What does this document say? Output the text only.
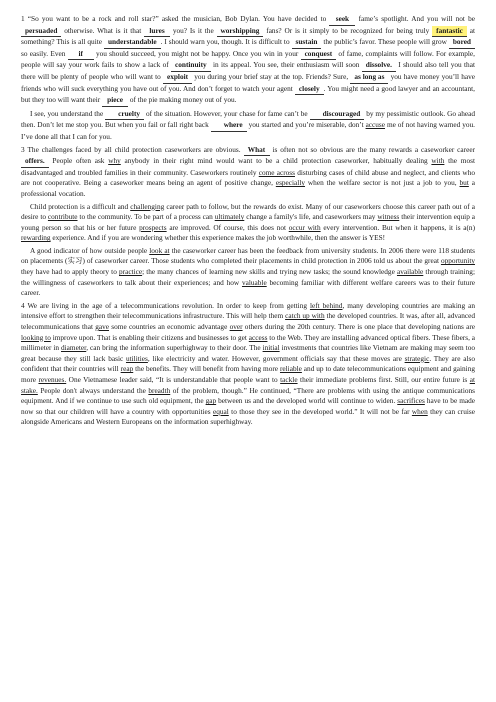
1 “So you want to be a rock and roll star?” asked the musician, Bob Dylan. You have decided to seek fame’s spotlight. And you will not be persuaded otherwise. What is it that lures you? Is it the worshipping fans? Or is it simply to be recognized for being truly fantastic at something? This is all quite understandable . I should warn you, though. It is difficult to sustain the public’s favor. These people will grow bored so easily. Even if you should succeed, you might not be happy. Once you win in your conquest of fame, complaints will follow. For example, people will say your work fails to show a lack of continuity in its appeal. You see, their enthusiasm will soon dissolve. I should also tell you that there will be plenty of people who will want to exploit you during your brief stay at the top. Friends? Sure, as long as you have money you’ll have friends who will suck everything you have out of you. And don’t forget to watch your agent closely . You might need a good lawyer and an accountant, but they too will want their piece of the pie making money out of you.

I see, you understand the cruelty of the situation. However, your chase for fame can’t be discouraged by my pessimistic outlook. Go ahead then. Don’t let me stop you. But when you fail or fall right back where you started and you’re miserable, don’t accuse me of not having warned you. I’ve done all that I can for you.

3 The challenges faced by all child protection caseworkers are obvious. What is often not so obvious are the many rewards a caseworker career offers. People often ask why anybody in their right mind would want to be a child protection caseworker, habitually dealing with the most disadvantaged and troubled families in their community. Caseworkers routinely come across disturbing cases of child abuse and neglect, and clients who are not cooperative. Being a caseworker means being an agent of positive change, especially when the welfare sector is not just a job to you, but a professional vocation.

Child protection is a difficult and challenging career path to follow, but the rewards do exist. Many of our caseworkers choose this career path out of a desire to contribute to the community. To be part of a process can ultimately change a family's life, and caseworkers may witness their intervention equip a young person so that his or her future prospects are improved. Of course, this does not occur with every intervention. But when it happens, it is a(n) rewarding experience. And if you are wondering whether this experience makes the job worthwhile, then the answer is YES!

A good indicator of how outside people look at the caseworker career has been the feedback from university students. In 2006 there were 118 students on placements (实习) of caseworker career. Those students who completed their placements in child protection in 2006 told us about the great opportunity they have had to apply theory to practice; the many chances of learning new skills and trying new tasks; the sound knowledge available through training; the willingness of caseworkers to talk about their experiences; and how valuable becoming familiar with different welfare careers was to their future career.

4 We are living in the age of a telecommunications revolution. In order to keep from getting left behind, many developing countries are making an intensive effort to strengthen their telecommunications infrastructure. This will help them catch up with the developed countries. It was, after all, advanced telecommunications that gave some countries an economic advantage over others during the 20th century. There is one place that developing nations are looking to improve upon. That is enabling their citizens and businesses to get access to the Web. They are installing advanced optical fibers. These fibers, a millimeter in diameter, can bring the information superhighway to their door. The initial investments that countries like Vietnam are making may seem too great because they still lack basic utilities, like electricity and water. However, government officials say that these moves are strategic. They are also confident that their countries will reap the benefits. They will benefit from having more reliable and up to date telecommunications equipment and gaining more revenues. One Vietnamese leader said, “It is understandable that people want to tackle their immediate problems first. Still, our entire future is at stake. People don't always understand the breadth of the problem, though.” He continued, “There are problems with using the antique communications equipment. And if we continue to use such old equipment, the gap between us and the developed world will continue to widen. sacrifices have to be made now so that our children will have a country with opportunities equal to those they see in the developed world.” It will not be far when they can cruise alongside Americans and Western Europeans on the information superhighway.
